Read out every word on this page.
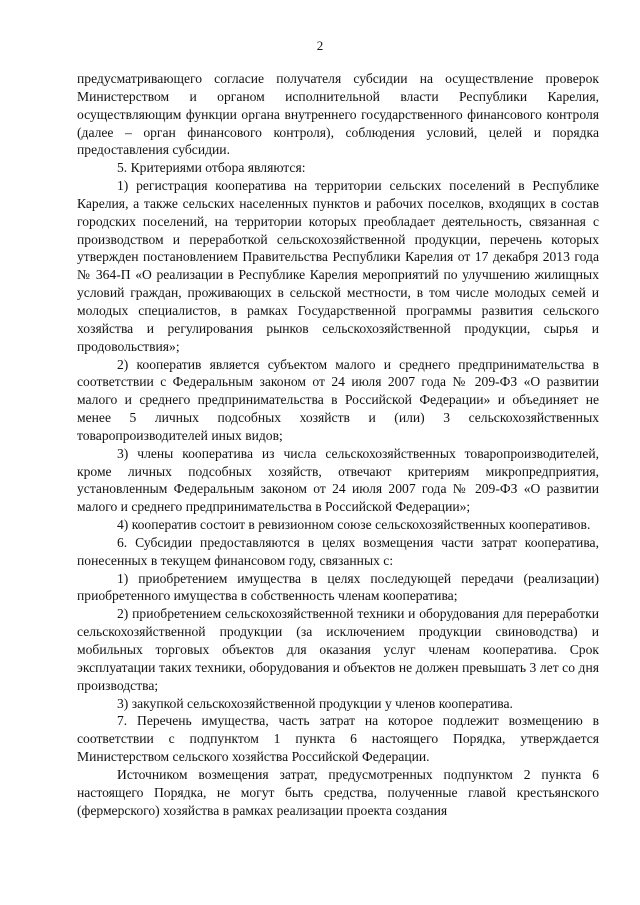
2

предусматривающего согласие получателя субсидии на осуществление проверок Министерством и органом исполнительной власти Республики Карелия, осуществляющим функции органа внутреннего государственного финансового контроля (далее – орган финансового контроля), соблюдения условий, целей и порядка предоставления субсидии.

5. Критериями отбора являются:

1) регистрация кооператива на территории сельских поселений в Республике Карелия, а также сельских населенных пунктов и рабочих поселков, входящих в состав городских поселений, на территории которых преобладает деятельность, связанная с производством и переработкой сельскохозяйственной продукции, перечень которых утвержден постановлением Правительства Республики Карелия от 17 декабря 2013 года № 364-П «О реализации в Республике Карелия мероприятий по улучшению жилищных условий граждан, проживающих в сельской местности, в том числе молодых семей и молодых специалистов, в рамках Государственной программы развития сельского хозяйства и регулирования рынков сельскохозяйственной продукции, сырья и продовольствия»;

2) кооператив является субъектом малого и среднего предпринимательства в соответствии с Федеральным законом от 24 июля 2007 года № 209-ФЗ «О развитии малого и среднего предпринимательства в Российской Федерации» и объединяет не менее 5 личных подсобных хозяйств и (или) 3 сельскохозяйственных товаропроизводителей иных видов;

3) члены кооператива из числа сельскохозяйственных товаропроизводителей, кроме личных подсобных хозяйств, отвечают критериям микропредприятия, установленным Федеральным законом от 24 июля 2007 года № 209-ФЗ «О развитии малого и среднего предпринимательства в Российской Федерации»;

4) кооператив состоит в ревизионном союзе сельскохозяйственных кооперативов.

6. Субсидии предоставляются в целях возмещения части затрат кооператива, понесенных в текущем финансовом году, связанных с:

1) приобретением имущества в целях последующей передачи (реализации) приобретенного имущества в собственность членам кооператива;

2) приобретением сельскохозяйственной техники и оборудования для переработки сельскохозяйственной продукции (за исключением продукции свиноводства) и мобильных торговых объектов для оказания услуг членам кооператива. Срок эксплуатации таких техники, оборудования и объектов не должен превышать 3 лет со дня производства;

3) закупкой сельскохозяйственной продукции у членов кооператива.

7. Перечень имущества, часть затрат на которое подлежит возмещению в соответствии с подпунктом 1 пункта 6 настоящего Порядка, утверждается Министерством сельского хозяйства Российской Федерации.

Источником возмещения затрат, предусмотренных подпунктом 2 пункта 6 настоящего Порядка, не могут быть средства, полученные главой крестьянского (фермерского) хозяйства в рамках реализации проекта создания
